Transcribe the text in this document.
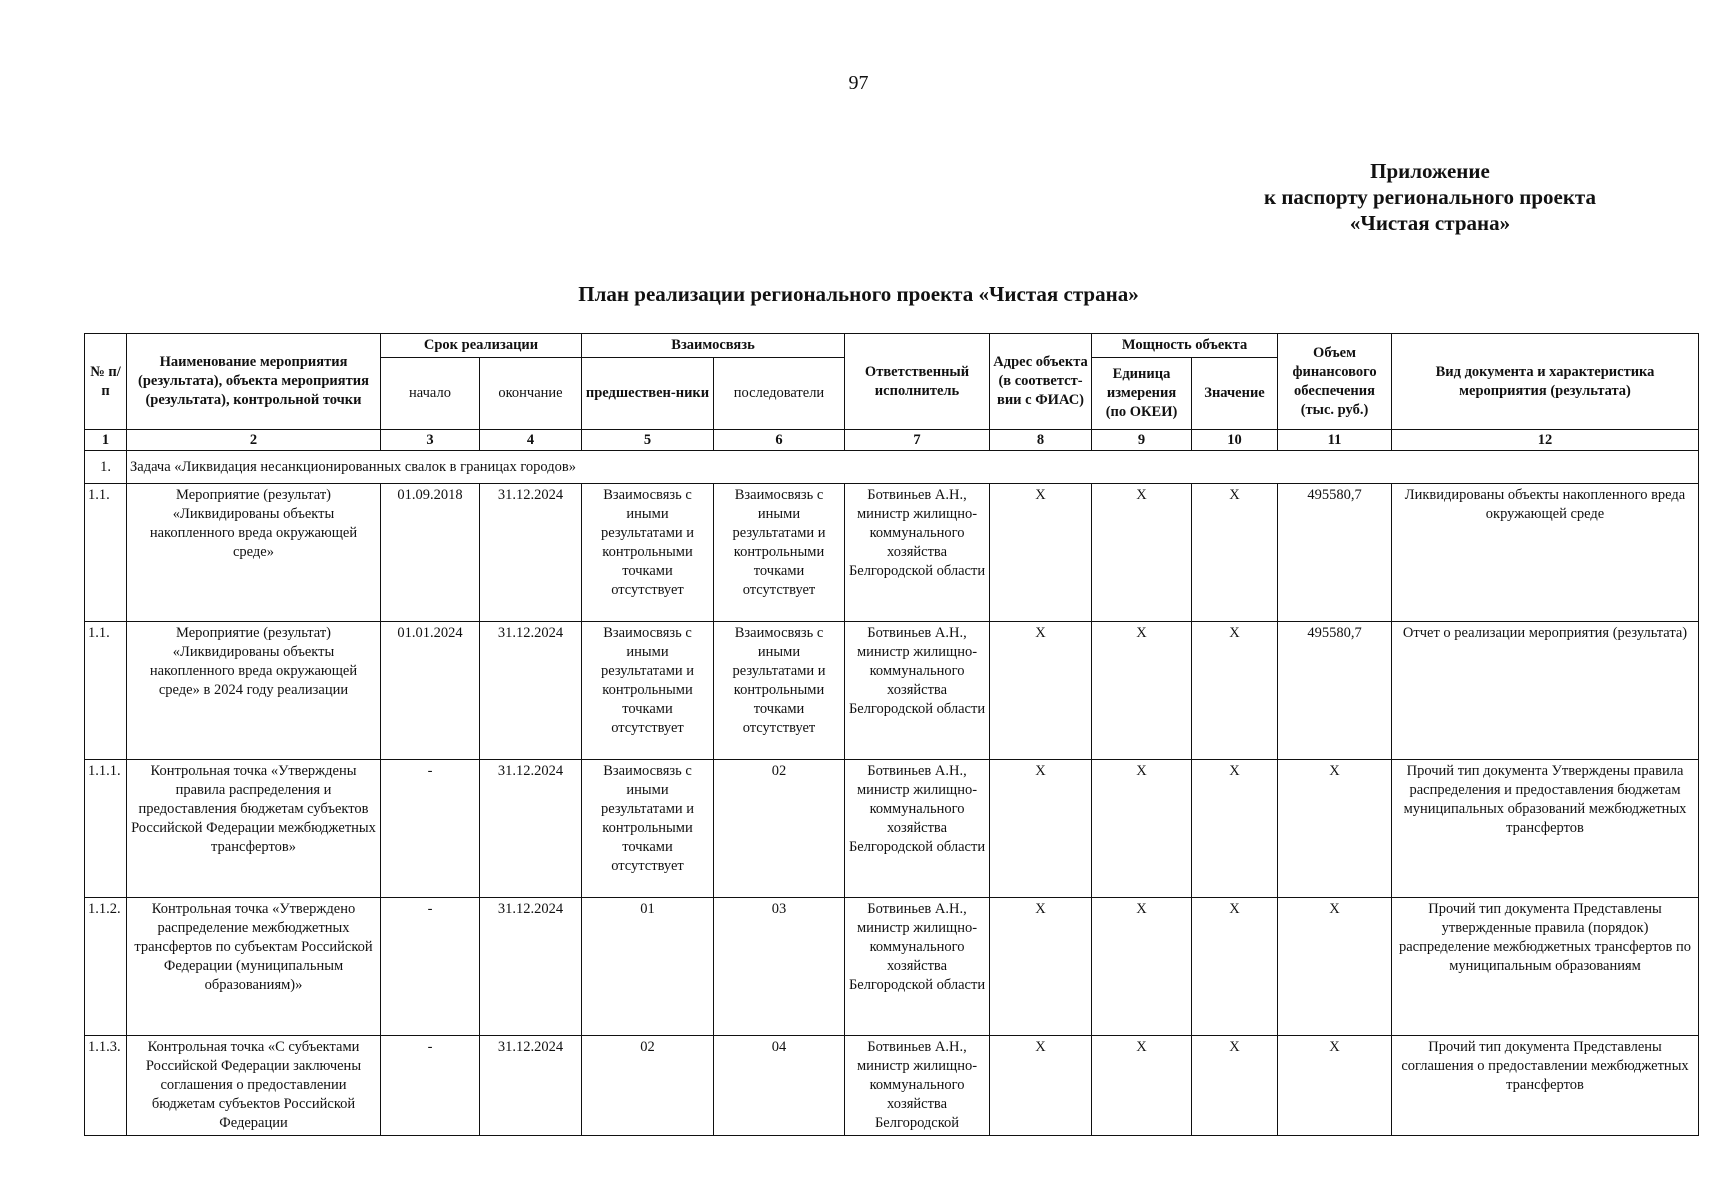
97
Приложение
к паспорту регионального проекта
«Чистая страна»
План реализации регионального проекта «Чистая страна»
№ п/п	Наименование мероприятия (результата), объекта мероприятия (результата), контрольной точки	Срок реализации		Взаимосвязь		Ответственный исполнитель	Адрес объекта (в соответст-вии с ФИАС)	Мощность объекта		Объем финансового обеспечения (тыс. руб.)	Вид документа и характеристика мероприятия (результата)
		начало	окончание	предшествен-ники	последователи			Единица измерения (по ОКЕИ)	Значение		
1	2	3	4	5	6	7	8	9	10	11	12
1.	Задача «Ликвидация несанкционированных свалок в границах городов»										
1.1.	Мероприятие (результат) «Ликвидированы объекты накопленного вреда окружающей среде»	01.09.2018	31.12.2024	Взаимосвязь с иными результатами и контрольными точками отсутствует	Взаимосвязь с иными результатами и контрольными точками отсутствует	Ботвиньев А.Н., министр жилищно-коммунального хозяйства Белгородской области	Х	Х	Х	495580,7	Ликвидированы объекты накопленного вреда окружающей среде
1.1.	Мероприятие (результат) «Ликвидированы объекты накопленного вреда окружающей среде» в 2024 году реализации	01.01.2024	31.12.2024	Взаимосвязь с иными результатами и контрольными точками отсутствует	Взаимосвязь с иными результатами и контрольными точками отсутствует	Ботвиньев А.Н., министр жилищно-коммунального хозяйства Белгородской области	Х	Х	Х	495580,7	Отчет о реализации мероприятия (результата)
1.1.1.	Контрольная точка «Утверждены правила распределения и предоставления бюджетам субъектов Российской Федерации межбюджетных трансфертов»	-	31.12.2024	Взаимосвязь с иными результатами и контрольными точками отсутствует	02	Ботвиньев А.Н., министр жилищно-коммунального хозяйства Белгородской области	Х	Х	Х	Х	Прочий тип документа Утверждены правила распределения и предоставления бюджетам муниципальных образований межбюджетных трансфертов
1.1.2.	Контрольная точка «Утверждено распределение межбюджетных трансфертов по субъектам Российской Федерации (муниципальным образованиям)»	-	31.12.2024	01	03	Ботвиньев А.Н., министр жилищно-коммунального хозяйства Белгородской области	Х	Х	Х	Х	Прочий тип документа Представлены утвержденные правила (порядок) распределение межбюджетных трансфертов по муниципальным образованиям
1.1.3.	Контрольная точка «С субъектами Российской Федерации заключены соглашения о предоставлении бюджетам субъектов Российской Федерации	-	31.12.2024	02	04	Ботвиньев А.Н., министр жилищно-коммунального хозяйства Белгородской	Х	Х	Х	Х	Прочий тип документа Представлены соглашения о предоставлении межбюджетных трансфертов
